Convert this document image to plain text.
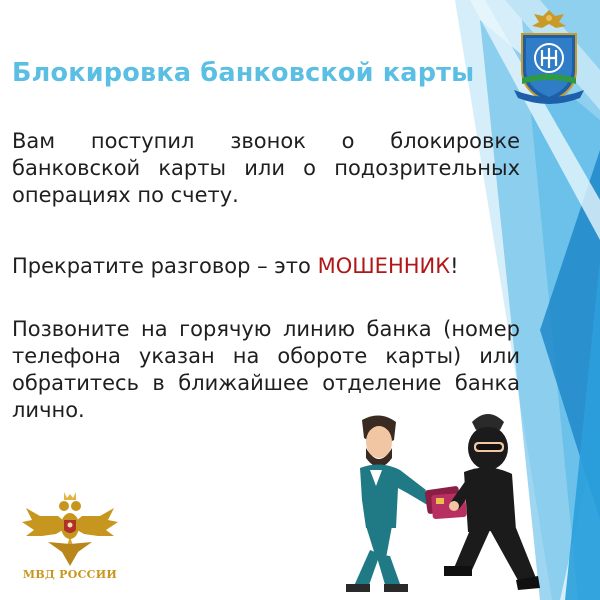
Блокировка банковской карты
Вам поступил звонок о блокировке банковской карты или о подозрительных операциях по счету.
Прекратите разговор – это МОШЕННИК!
Позвоните на горячую линию банка (номер телефона указан на обороте карты) или обратитесь в ближайшее отделение банка лично.
МВД РОССИИ
